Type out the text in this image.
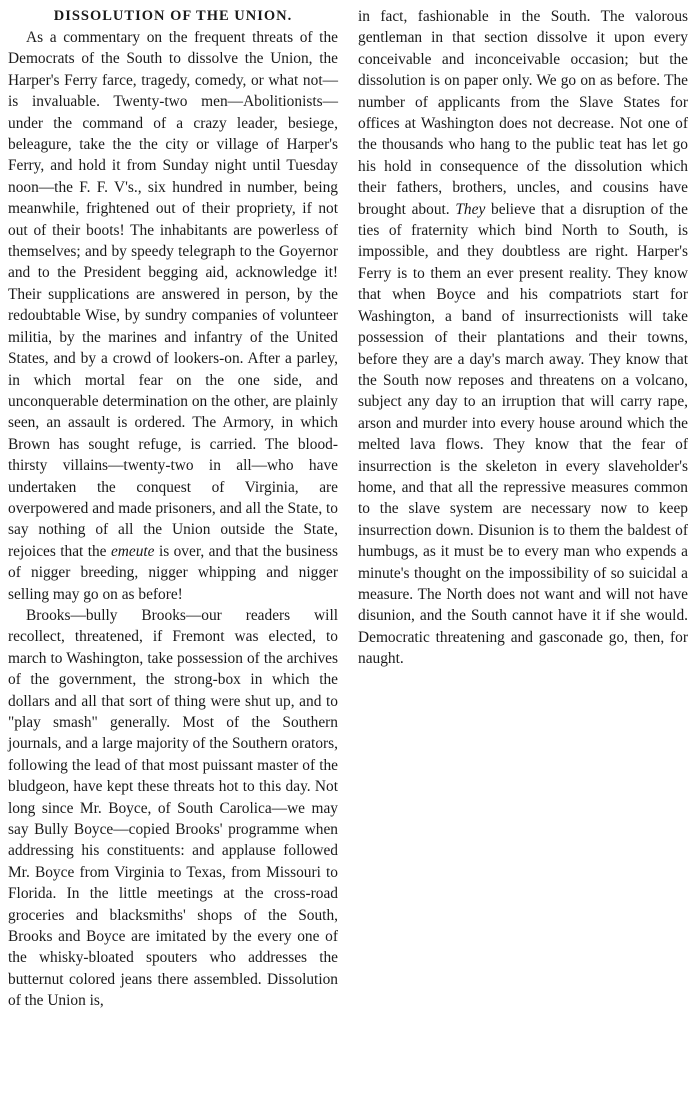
DISSOLUTION OF THE UNION.

As a commentary on the frequent threats of the Democrats of the South to dissolve the Union, the Harper's Ferry farce, tragedy, comedy, or what not—is invaluable. Twenty-two men—Abolitionists—under the command of a crazy leader, besiege, beleagure, take the the city or village of Harper's Ferry, and hold it from Sunday night until Tuesday noon—the F. F. V's., six hundred in number, being meanwhile, frightened out of their propriety, if not out of their boots! The inhabitants are powerless of themselves; and by speedy telegraph to the Goyernor and to the President begging aid, acknowledge it! Their supplications are answered in person, by the redoubtable Wise, by sundry companies of volunteer militia, by the marines and infantry of the United States, and by a crowd of lookers-on. After a parley, in which mortal fear on the one side, and unconquerable determination on the other, are plainly seen, an assault is ordered. The Armory, in which Brown has sought refuge, is carried. The blood-thirsty villains—twenty-two in all—who have undertaken the conquest of Virginia, are overpowered and made prisoners, and all the State, to say nothing of all the Union outside the State, rejoices that the emeute is over, and that the business of nigger breeding, nigger whipping and nigger selling may go on as before!

Brooks—bully Brooks—our readers will recollect, threatened, if Fremont was elected, to march to Washington, take possession of the archives of the government, the strong-box in which the dollars and all that sort of thing were shut up, and to "play smash" generally. Most of the Southern journals, and a large majority of the Southern orators, following the lead of that most puissant master of the bludgeon, have kept these threats hot to this day. Not long since Mr. Boyce, of South Carolica—we may say Bully Boyce—copied Brooks' programme when addressing his constituents: and applause followed Mr. Boyce from Virginia to Texas, from Missouri to Florida. In the little meetings at the cross-road groceries and blacksmiths' shops of the South, Brooks and Boyce are imitated by the every one of the whisky-bloated spouters who addresses the butternut colored jeans there assembled. Dissolution of the Union is,

in fact, fashionable in the South. The valorous gentleman in that section dissolve it upon every conceivable and inconceivable occasion; but the dissolution is on paper only. We go on as before. The number of applicants from the Slave States for offices at Washington does not decrease. Not one of the thousands who hang to the public teat has let go his hold in consequence of the dissolution which their fathers, brothers, uncles, and cousins have brought about. They believe that a disruption of the ties of fraternity which bind North to South, is impossible, and they doubtless are right. Harper's Ferry is to them an ever present reality. They know that when Boyce and his compatriots start for Washington, a band of insurrectionists will take possession of their plantations and their towns, before they are a day's march away. They know that the South now reposes and threatens on a volcano, subject any day to an irruption that will carry rape, arson and murder into every house around which the melted lava flows. They know that the fear of insurrection is the skeleton in every slaveholder's home, and that all the repressive measures common to the slave system are necessary now to keep insurrection down. Disunion is to them the baldest of humbugs, as it must be to every man who expends a minute's thought on the impossibility of so suicidal a measure. The North does not want and will not have disunion, and the South cannot have it if she would. Democratic threatening and gasconade go, then, for naught.
